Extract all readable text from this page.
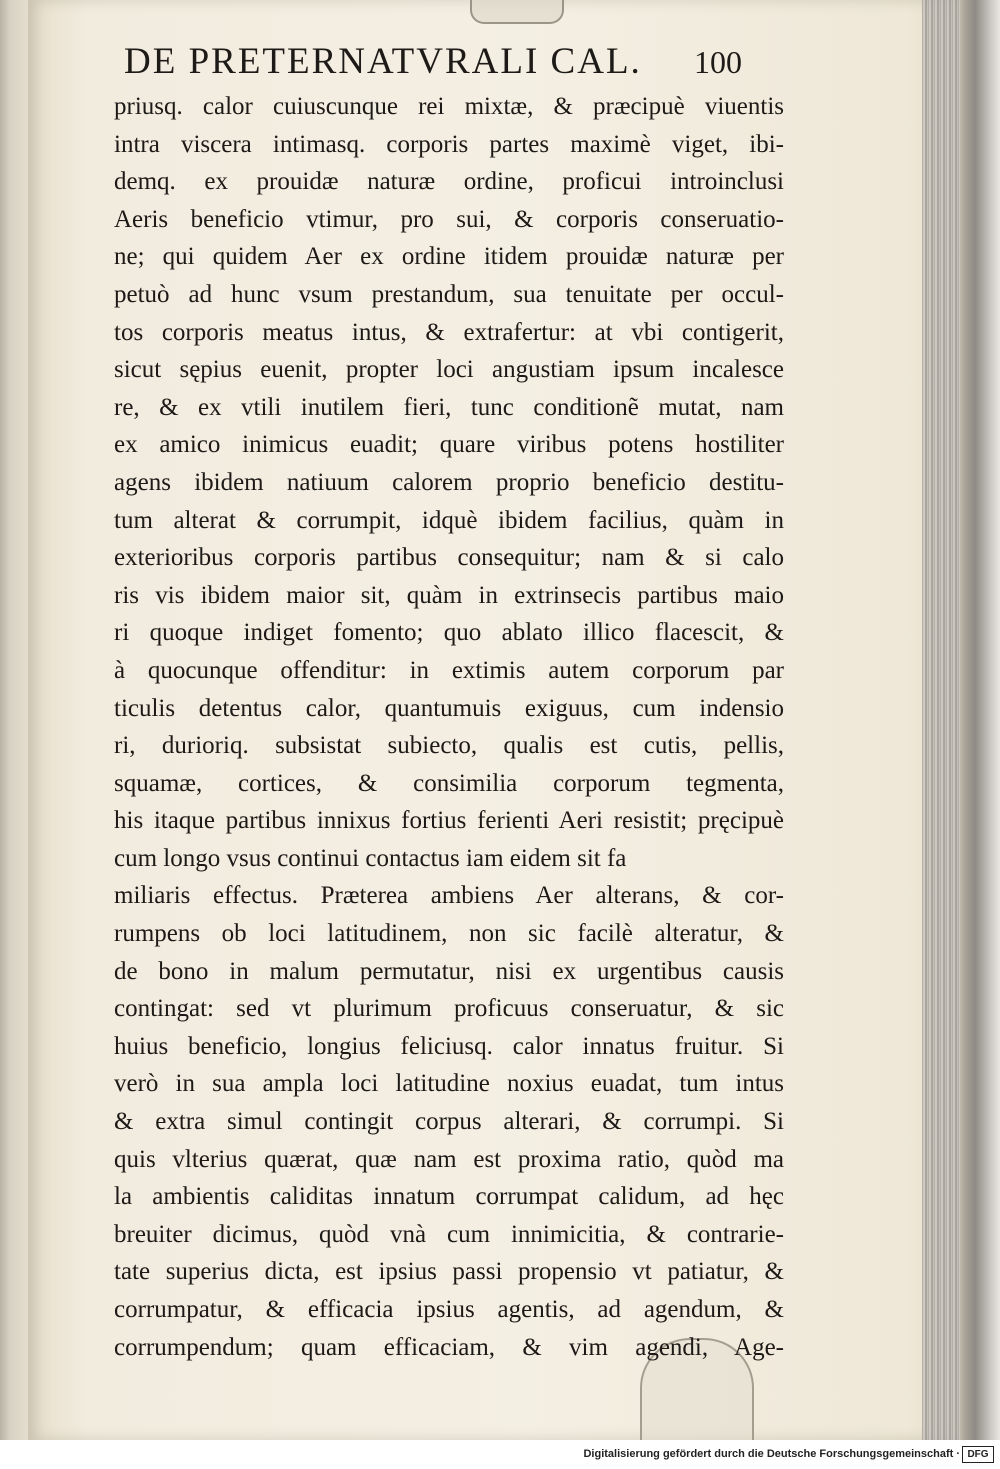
DE PRETERNATVRALI CAL. 100
priusq. calor cuiuscunque rei mixtæ, & præcipuè viuentis
intra viscera intimasq. corporis partes maximè viget, ibi-
demq. ex prouidæ naturæ ordine, proficui introinclusi
Aeris beneficio vtimur, pro sui, & corporis conseruatio-
ne; qui quidem Aer ex ordine itidem prouidæ naturæ per
petuò ad hunc vsum prestandum, sua tenuitate per occul-
tos corporis meatus intus, & extrafertur: at vbi contigerit,
sicut sępius euenit, propter loci angustiam ipsum incalesce
re, & ex vtili inutilem fieri, tunc conditionẽ mutat, nam
ex amico inimicus euadit; quare viribus potens hostiliter
agens ibidem natiuum calorem proprio beneficio destitu-
tum alterat & corrumpit, idquè ibidem facilius, quàm in
exterioribus corporis partibus consequitur; nam & si calo
ris vis ibidem maior sit, quàm in extrinsecis partibus maio
ri quoque indiget fomento; quo ablato illico flacescit, &
à quocunque offenditur: in extimis autem corporum par
ticulis detentus calor, quantumuis exiguus, cum indensio
ri, durioriq. subsistat subiecto, qualis est cutis, pellis,
squamæ, cortices, & consimilia corporum tegmenta,
his itaque partibus innixus fortius ferienti Aeri resistit; pręcipuè cum longo vsus continui contactus iam eidem sit fa
miliaris effectus. Præterea ambiens Aer alterans, & cor-
rumpens ob loci latitudinem, non sic facilè alteratur, &
de bono in malum permutatur, nisi ex urgentibus causis
contingat: sed vt plurimum proficuus conseruatur, & sic
huius beneficio, longius feliciusq. calor innatus fruitur. Si
verò in sua ampla loci latitudine noxius euadat, tum intus
& extra simul contingit corpus alterari, & corrumpi. Si
quis vlterius quærat, quæ nam est proxima ratio, quòd ma
la ambientis caliditas innatum corrumpat calidum, ad hęc
breuiter dicimus, quòd vnà cum innimicitia, & contrarie-
tate superius dicta, est ipsius passi propensio vt patiatur, &
corrumpatur, & efficacia ipsius agentis, ad agendum, &
corrumpendum; quam efficaciam, & vim agendi, Age-
Digitalisierung gefördert durch die Deutsche Forschungsgemeinschaft · DFG
